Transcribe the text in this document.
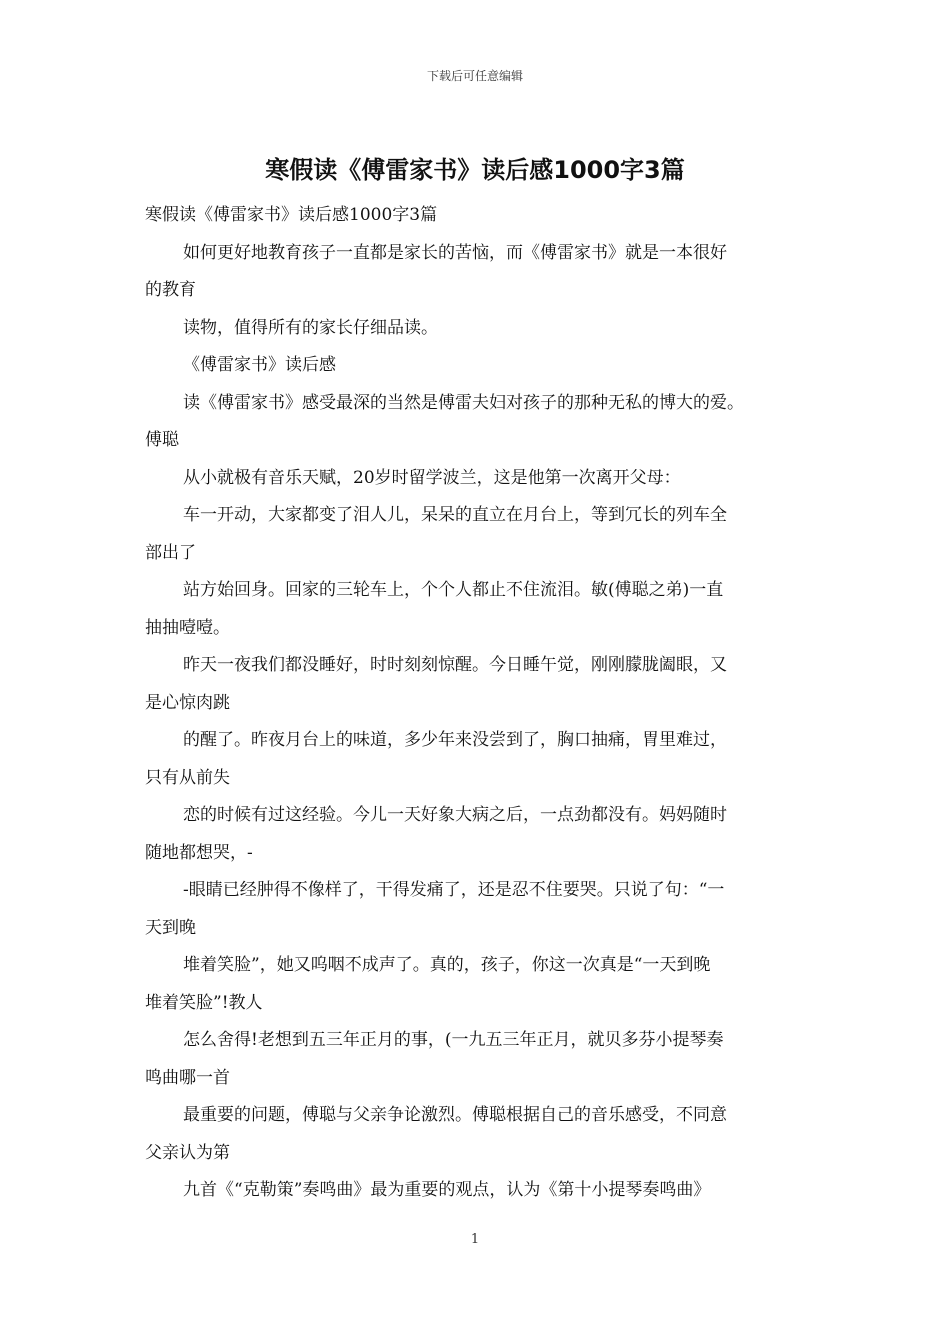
下载后可任意编辑
寒假读《傅雷家书》读后感1000字3篇
寒假读《傅雷家书》读后感1000字3篇
如何更好地教育孩子一直都是家长的苦恼，而《傅雷家书》就是一本很好
的教育
读物，值得所有的家长仔细品读。
《傅雷家书》读后感
读《傅雷家书》感受最深的当然是傅雷夫妇对孩子的那种无私的博大的爱。
傅聪
从小就极有音乐天赋，20岁时留学波兰，这是他第一次离开父母：
车一开动，大家都变了泪人儿，呆呆的直立在月台上，等到冗长的列车全
部出了
站方始回身。回家的三轮车上，个个人都止不住流泪。敏(傅聪之弟)一直
抽抽噎噎。
昨天一夜我们都没睡好，时时刻刻惊醒。今日睡午觉，刚刚朦胧阖眼，又
是心惊肉跳
的醒了。昨夜月台上的味道，多少年来没尝到了，胸口抽痛，胃里难过，
只有从前失
恋的时候有过这经验。今儿一天好象大病之后，一点劲都没有。妈妈随时
随地都想哭，-
-眼睛已经肿得不像样了，干得发痛了，还是忍不住要哭。只说了句：“一
天到晚
堆着笑脸”，她又呜咽不成声了。真的，孩子，你这一次真是“一天到晚
堆着笑脸”!教人
怎么舍得!老想到五三年正月的事，(一九五三年正月，就贝多芬小提琴奏
鸣曲哪一首
最重要的问题，傅聪与父亲争论激烈。傅聪根据自己的音乐感受，不同意
父亲认为第
九首《“克勒策”奏鸣曲》最为重要的观点，认为《第十小提琴奏鸣曲》
1
